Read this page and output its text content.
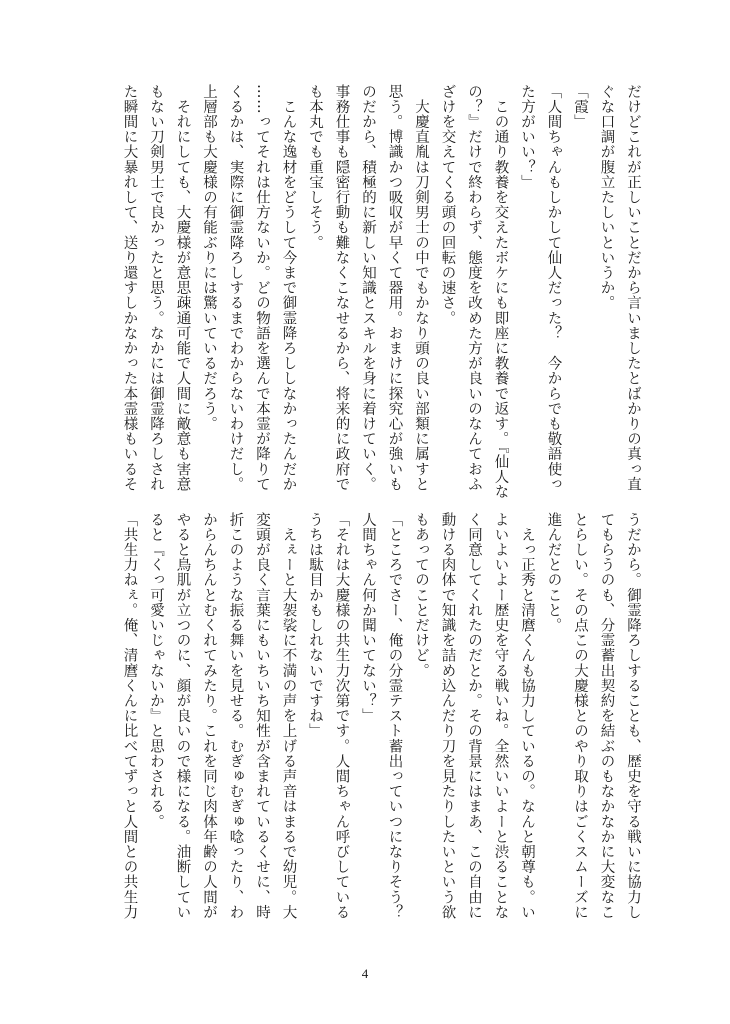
だけどこれが正しいことだから言いましたとばかりの真っ直
ぐな口調が腹立たしいというか。
「霞」
「人間ちゃんもしかして仙人だった？　今からでも敬語使っ
た方がいい？」
　この通り教養を交えたボケにも即座に教養で返す。『仙人な
の？』だけで終わらず、態度を改めた方が良いのなんておふ
ざけを交えてくる頭の回転の速さ。
　大慶直胤は刀剣男士の中でもかなり頭の良い部類に属すと
思う。博識かつ吸収が早くて器用。おまけに探究心が強いも
のだから、積極的に新しい知識とスキルを身に着けていく。
事務仕事も隠密行動も難なくこなせるから、将来的に政府で
も本丸でも重宝しそう。
　こんな逸材をどうして今まで御霊降ろししなかったんだか
……ってそれは仕方ないか。どの物語を選んで本霊が降りて
くるかは、実際に御霊降ろしするまでわからないわけだし。
上層部も大慶様の有能ぶりには驚いているだろう。
　それにしても、大慶様が意思疎通可能で人間に敵意も害意
もない刀剣男士で良かったと思う。なかには御霊降ろしされ
た瞬間に大暴れして、送り還すしかなかった本霊様もいるそ
うだから。御霊降ろしすることも、歴史を守る戦いに協力し
てもらうのも、分霊蓄出契約を結ぶのもなかなかに大変なこ
とらしい。その点この大慶様とのやり取りはごくスムーズに
進んだとのこと。
　えっ正秀と清麿くんも協力しているの。なんと朝尊も。い
よいよいよー歴史を守る戦いね。全然いいよーと渋ることな
く同意してくれたのだとか。その背景にはまあ、この自由に
動ける肉体で知識を詰め込んだり刀を見たりしたいという欲
もあってのことだけど。
「ところでさー、俺の分霊テスト蓄出っていつになりそう？
人間ちゃん何か聞いてない？」
「それは大慶様の共生力次第です。人間ちゃん呼びしている
うちは駄目かもしれないですね」
　えぇーと大袈裟に不満の声を上げる声音はまるで幼児。大
変頭が良く言葉にもいちいち知性が含まれているくせに、時
折このような振る舞いを見せる。むぎゅむぎゅ唸ったり、わ
からんちんとむくれてみたり。これを同じ肉体年齢の人間が
やると鳥肌が立つのに、顔が良いので様になる。油断してい
ると『くっ可愛いじゃないか』と思わされる。
「共生力ねぇ。俺、清麿くんに比べてずっと人間との共生力
4
